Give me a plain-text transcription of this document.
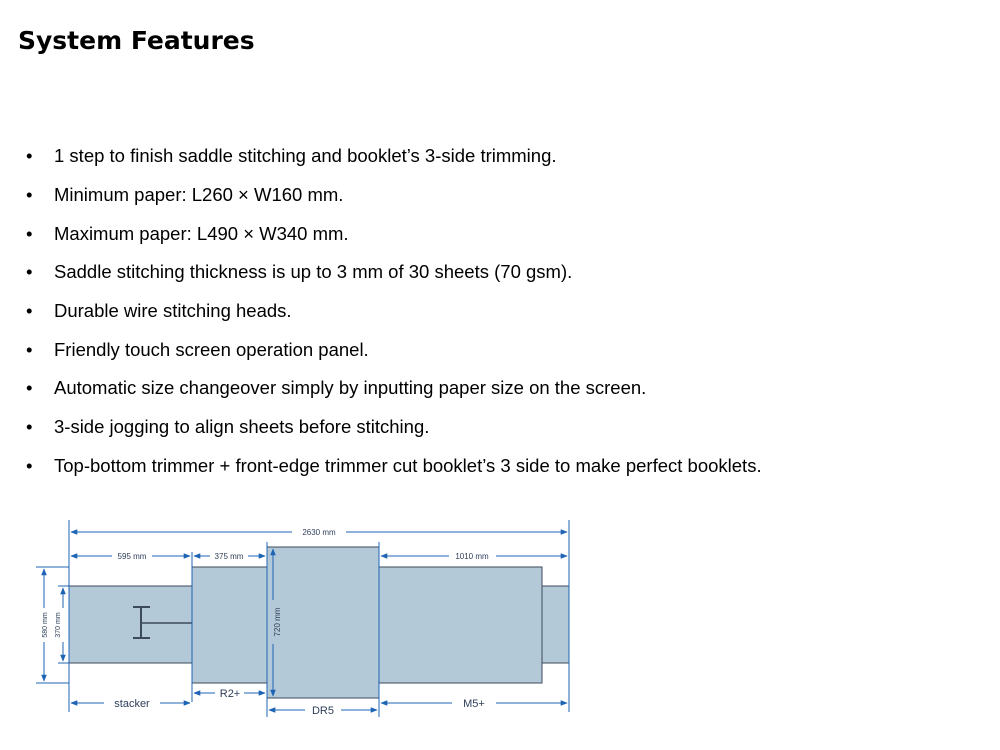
System Features
•	1 step to finish saddle stitching and booklet’s 3-side trimming.
•	Minimum paper: L260 × W160 mm.
•	Maximum paper: L490 × W340 mm.
•	Saddle stitching thickness is up to 3 mm of 30 sheets (70 gsm).
•	Durable wire stitching heads.
•	Friendly touch screen operation panel.
•	Automatic size changeover simply by inputting paper size on the screen.
•	3-side jogging to align sheets before stitching.
•	Top-bottom trimmer + front-edge trimmer cut booklet’s 3 side to make perfect booklets.
2630 mm
595 mm	375 mm	1010 mm
720 mm
580 mm 370 mm
stacker
R2+
DR5
M5+
